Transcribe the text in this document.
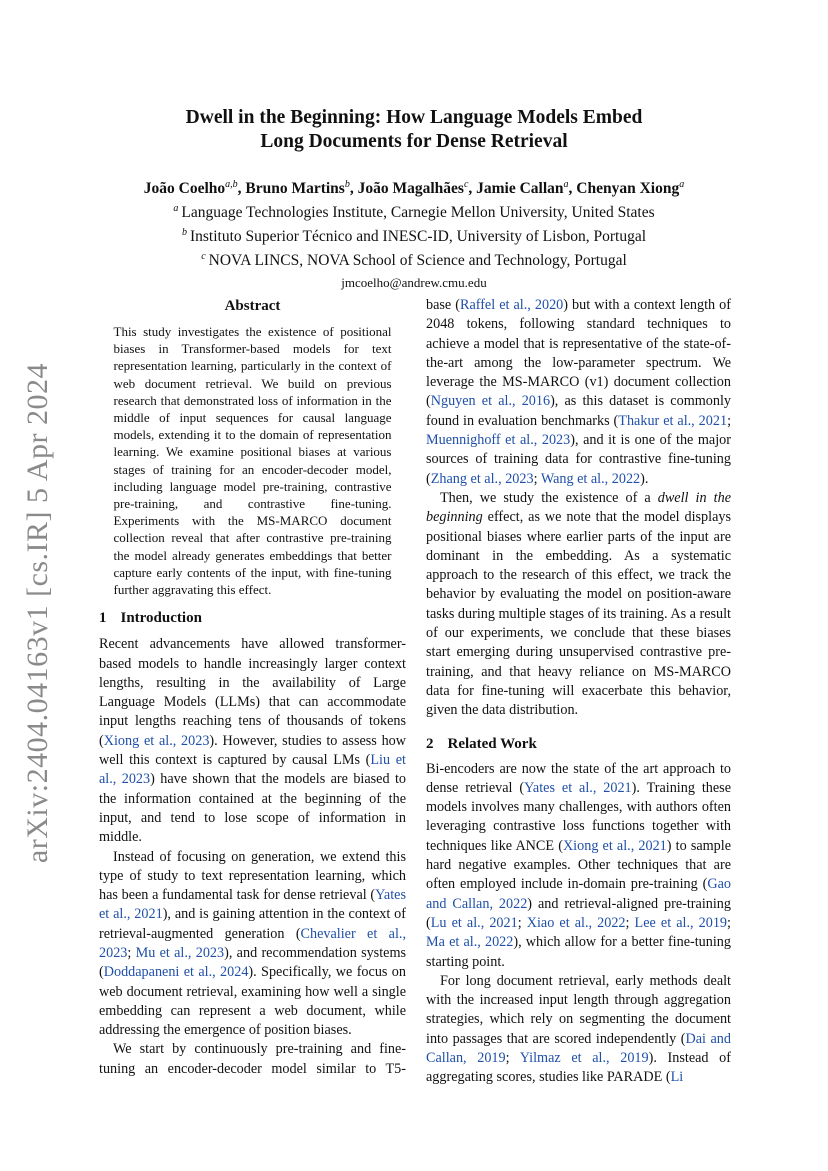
arXiv:2404.04163v1 [cs.IR] 5 Apr 2024
Dwell in the Beginning: How Language Models Embed
Long Documents for Dense Retrieval
João Coelho$^{a,b}$, Bruno Martins$^b$, João Magalhães$^c$, Jamie Callan$^a$, Chenyan Xiong$^a$
$^a$ Language Technologies Institute, Carnegie Mellon University, United States
$^b$ Instituto Superior Técnico and INESC-ID, University of Lisbon, Portugal
$^c$ NOVA LINCS, NOVA School of Science and Technology, Portugal
jmcoelho@andrew.cmu.edu
Abstract

This study investigates the existence of positional biases in Transformer-based models for text representation learning, particularly in the context of web document retrieval. We build on previous research that demonstrated loss of information in the middle of input sequences for causal language models, extending it to the domain of representation learning. We examine positional biases at various stages of training for an encoder-decoder model, including language model pre-training, contrastive pre-training, and contrastive fine-tuning. Experiments with the MS-MARCO document collection reveal that after contrastive pre-training the model already generates embeddings that better capture early contents of the input, with fine-tuning further aggravating this effect.

1 Introduction

Recent advancements have allowed transformer-based models to handle increasingly larger context lengths, resulting in the availability of Large Language Models (LLMs) that can accommodate input lengths reaching tens of thousands of tokens (Xiong et al., 2023). However, studies to assess how well this context is captured by causal LMs (Liu et al., 2023) have shown that the models are biased to the information contained at the beginning of the input, and tend to lose scope of information in middle.

Instead of focusing on generation, we extend this type of study to text representation learning, which has been a fundamental task for dense retrieval (Yates et al., 2021), and is gaining attention in the context of retrieval-augmented generation (Chevalier et al., 2023; Mu et al., 2023), and recommendation systems (Doddapaneni et al., 2024). Specifically, we focus on web document retrieval, examining how well a single embedding can represent a web document, while addressing the emergence of position biases.

We start by continuously pre-training and fine-tuning an encoder-decoder model similar to T5-

base (Raffel et al., 2020) but with a context length of 2048 tokens, following standard techniques to achieve a model that is representative of the state-of-the-art among the low-parameter spectrum. We leverage the MS-MARCO (v1) document collection (Nguyen et al., 2016), as this dataset is commonly found in evaluation benchmarks (Thakur et al., 2021; Muennighoff et al., 2023), and it is one of the major sources of training data for contrastive fine-tuning (Zhang et al., 2023; Wang et al., 2022).

Then, we study the existence of a dwell in the beginning effect, as we note that the model displays positional biases where earlier parts of the input are dominant in the embedding. As a systematic approach to the research of this effect, we track the behavior by evaluating the model on position-aware tasks during multiple stages of its training. As a result of our experiments, we conclude that these biases start emerging during unsupervised contrastive pre-training, and that heavy reliance on MS-MARCO data for fine-tuning will exacerbate this behavior, given the data distribution.

2 Related Work

Bi-encoders are now the state of the art approach to dense retrieval (Yates et al., 2021). Training these models involves many challenges, with authors often leveraging contrastive loss functions together with techniques like ANCE (Xiong et al., 2021) to sample hard negative examples. Other techniques that are often employed include in-domain pre-training (Gao and Callan, 2022) and retrieval-aligned pre-training (Lu et al., 2021; Xiao et al., 2022; Lee et al., 2019; Ma et al., 2022), which allow for a better fine-tuning starting point.

For long document retrieval, early methods dealt with the increased input length through aggregation strategies, which rely on segmenting the document into passages that are scored independently (Dai and Callan, 2019; Yilmaz et al., 2019). Instead of aggregating scores, studies like PARADE (Li
